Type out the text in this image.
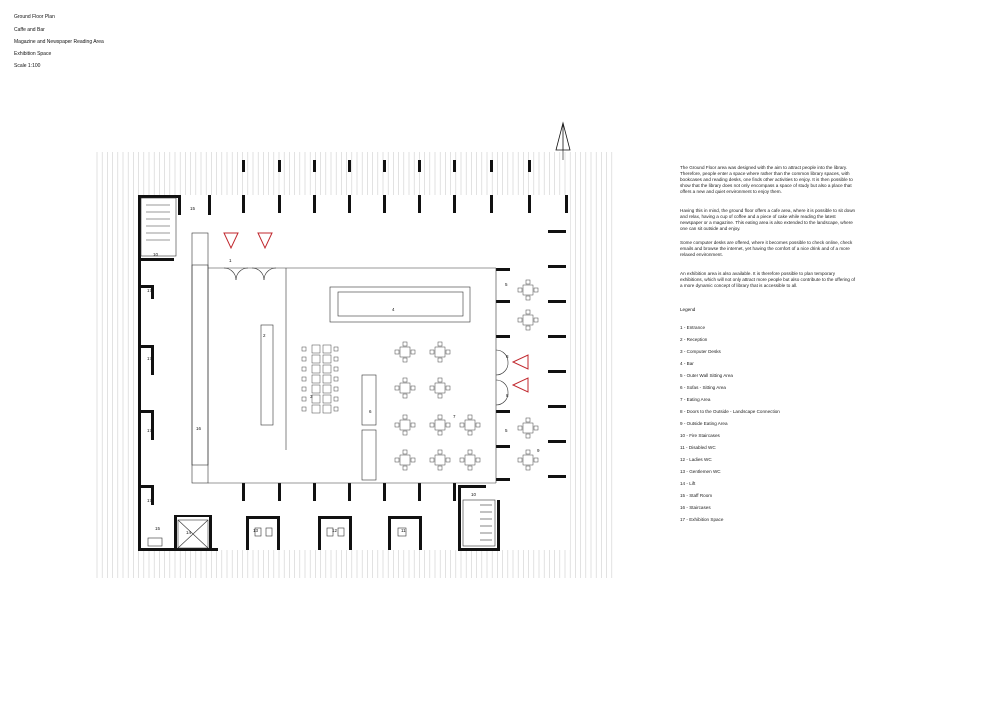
Ground Floor Plan
Caffe and Bar
Magazine and Newspaper Reading Area
Exhibition Space
Scale 1:100
15
10
17
17
17
17
16
1
2
3
4
5
5
6
7
8
8
9
10
11
12
13
14
15
The Ground Floor area was designed with the aim to attract people into the library. Therefore, people enter a space where rather than the common library spaces, with bookcases and reading desks, one finds other activities to enjoy. It is then possible to show that the library does not only encompass a space of study but also a place that offers a new and quiet environment to enjoy them.
Having this in mind, the ground floor offers a cafe area, where it is possible to sit down and relax, having a cup of coffee and a piece of cake while reading the latest newspaper or a magazine. This eating area is also extended to the landscape, where one can sit outside and enjoy.
Some computer desks are offered, where it becomes possible to check online, check emails and browse the internet, yet having the comfort of a nice drink and of a more relaxed environment.
An exhibition area is also available. It is therefore possible to plan temporary exhibitions, which will not only attract more people but also contribute to the offering of a more dynamic concept of library that is accessible to all.
Legend
1 - Entrance
2 - Reception
3 - Computer Desks
4 - Bar
5 - Outer Wall Sitting Area
6 - Sofas - Sitting Area
7 - Eating Area
8 - Doors to the Outside - Landscape Connection
9 - Outside Eating Area
10 - Fire Staircases
11 - Disabled WC
12 - Ladies WC
13 - Gentlemen WC
14 - Lift
15 - Staff Room
16 - Staircases
17 - Exhibition Space
